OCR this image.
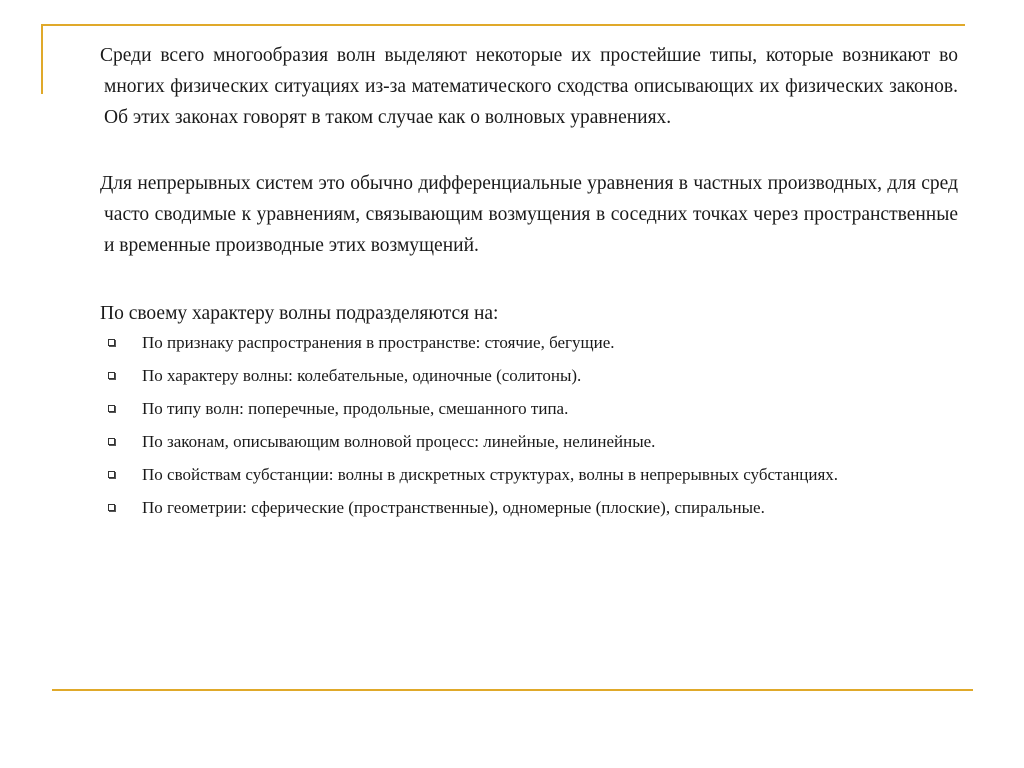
Среди всего многообразия волн выделяют некоторые их простейшие типы, которые возникают во многих физических ситуациях из-за математического сходства описывающих их физических законов. Об этих законах говорят в таком случае как о волновых уравнениях.

Для непрерывных систем это обычно дифференциальные уравнения в частных производных, для сред часто сводимые к уравнениям, связывающим возмущения в соседних точках через пространственные и временные производные этих возмущений.

По своему характеру волны подразделяются на:

По признаку распространения в пространстве: стоячие, бегущие.
По характеру волны: колебательные, одиночные (солитоны).
По типу волн: поперечные, продольные, смешанного типа.
По законам, описывающим волновой процесс: линейные, нелинейные.
По свойствам субстанции: волны в дискретных структурах, волны в непрерывных субстанциях.
По геометрии: сферические (пространственные), одномерные (плоские), спиральные.
